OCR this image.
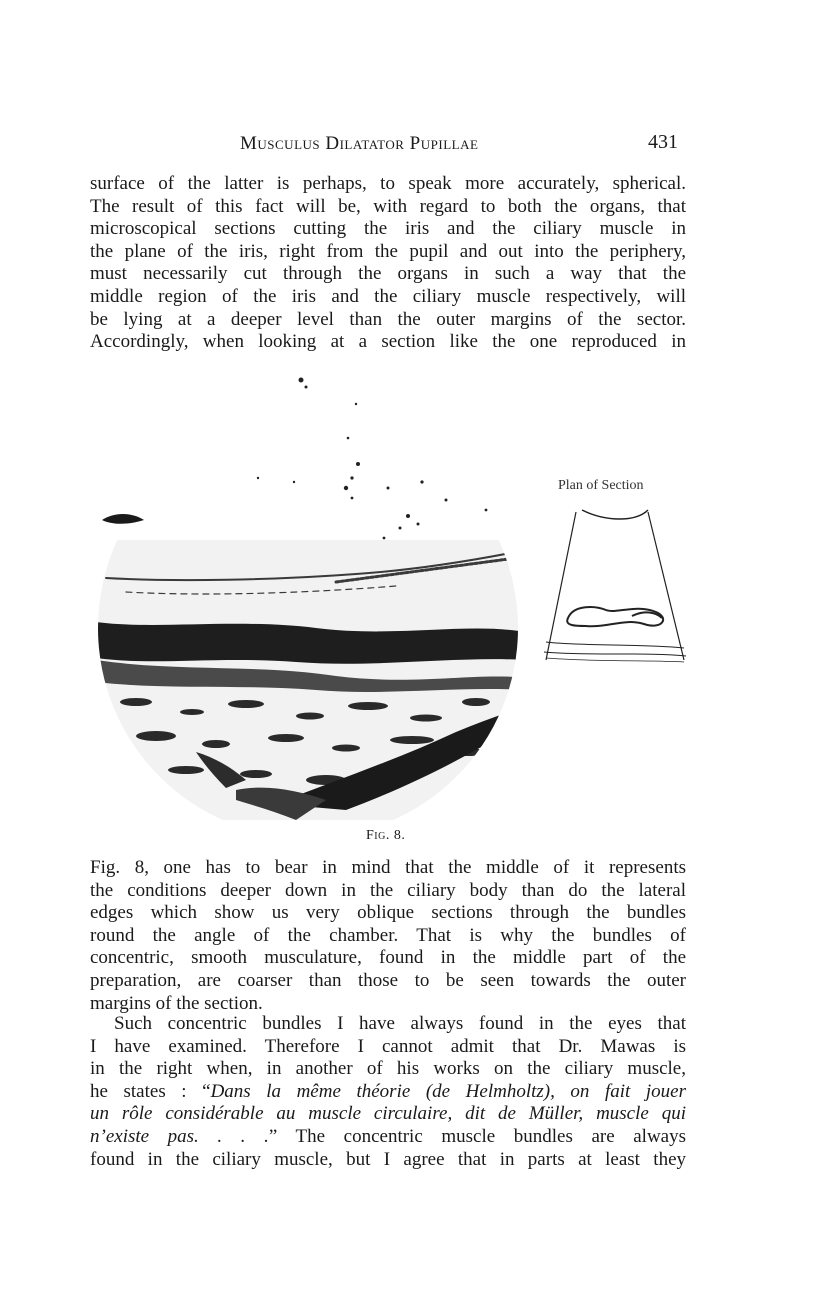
Musculus Dilatator Pupillae	431
surface of the latter is perhaps, to speak more accurately, spherical.
The result of this fact will be, with regard to both the organs, that
microscopical sections cutting the iris and the ciliary muscle in
the plane of the iris, right from the pupil and out into the periphery,
must necessarily cut through the organs in such a way that the
middle region of the iris and the ciliary muscle respectively, will
be lying at a deeper level than the outer margins of the sector.
Accordingly, when looking at a section like the one reproduced in
Plan of Section
Fig. 8.
Fig. 8, one has to bear in mind that the middle of it represents
the conditions deeper down in the ciliary body than do the lateral
edges which show us very oblique sections through the bundles
round the angle of the chamber. That is why the bundles of
concentric, smooth musculature, found in the middle part of the
preparation, are coarser than those to be seen towards the outer
margins of the section.
Such concentric bundles I have always found in the eyes that
I have examined. Therefore I cannot admit that Dr. Mawas is
in the right when, in another of his works on the ciliary muscle,
he states : “Dans la même théorie (de Helmholtz), on fait jouer
un rôle considérable au muscle circulaire, dit de Müller, muscle qui
n’existe pas. . . .” The concentric muscle bundles are always
found in the ciliary muscle, but I agree that in parts at least they
